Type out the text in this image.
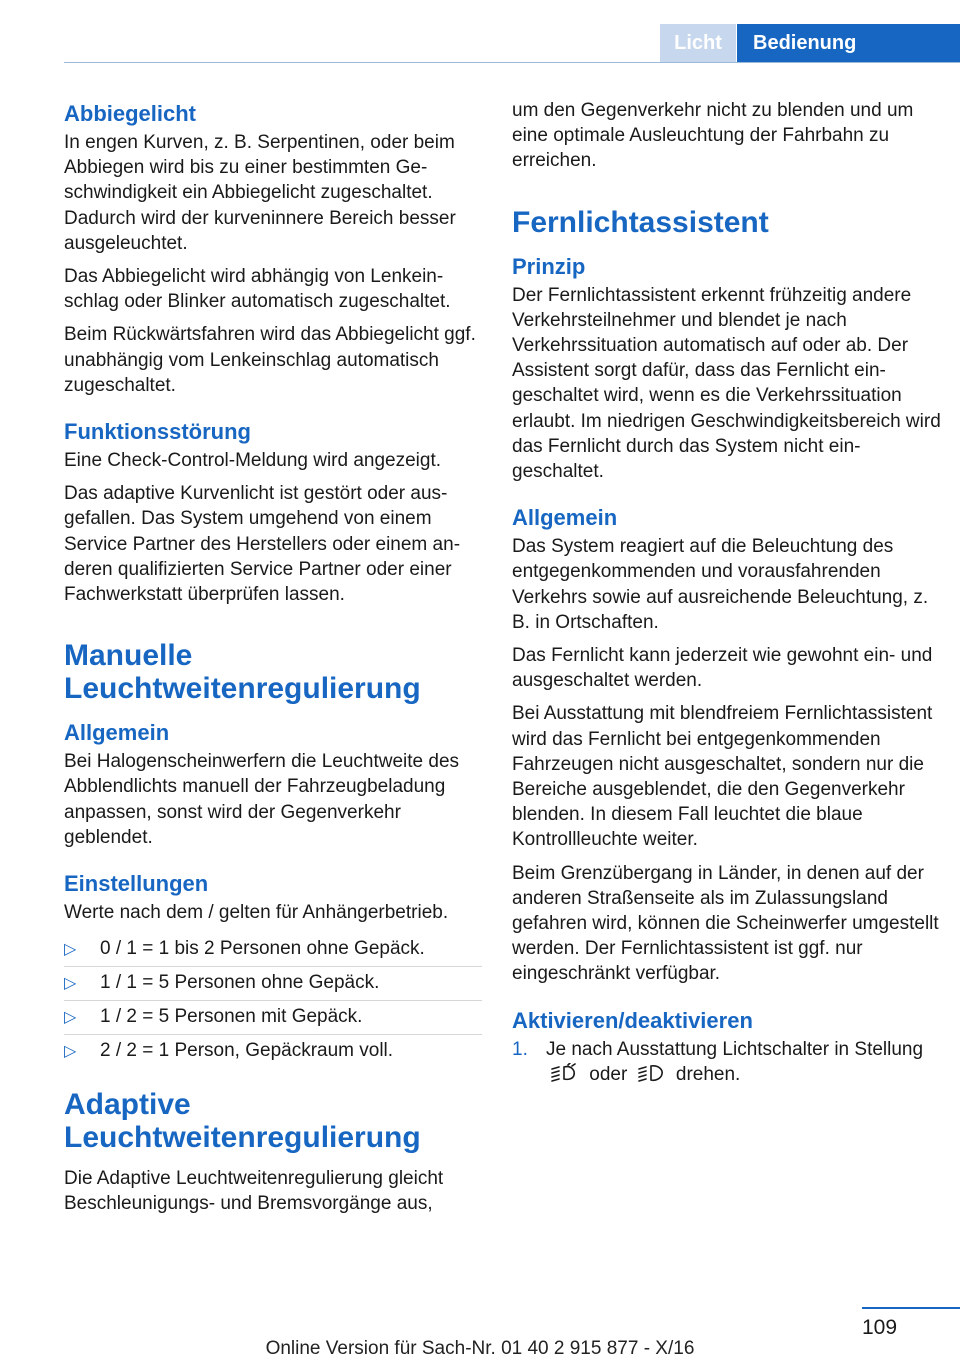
Licht	Bedienung
Abbiegelicht

In engen Kurven, z. B. Serpentinen, oder beim Abbiegen wird bis zu einer bestimmten Geschwindigkeit ein Abbiegelicht zugeschaltet. Dadurch wird der kurveninnere Bereich besser ausgeleuchtet.

Das Abbiegelicht wird abhängig von Lenkeinschlag oder Blinker automatisch zugeschaltet.

Beim Rückwärtsfahren wird das Abbiegelicht ggf. unabhängig vom Lenkeinschlag automatisch zugeschaltet.

Funktionsstörung

Eine Check-Control-Meldung wird angezeigt.

Das adaptive Kurvenlicht ist gestört oder ausgefallen. Das System umgehend von einem Service Partner des Herstellers oder einem anderen qualifizierten Service Partner oder einer Fachwerkstatt überprüfen lassen.

Manuelle Leuchtweitenregulierung
Allgemein

Bei Halogenscheinwerfern die Leuchtweite des Abblendlichts manuell der Fahrzeugbeladung anpassen, sonst wird der Gegenverkehr geblendet.

Einstellungen

Werte nach dem / gelten für Anhängerbetrieb.

▷ 0 / 1 = 1 bis 2 Personen ohne Gepäck.
▷ 1 / 1 = 5 Personen ohne Gepäck.
▷ 1 / 2 = 5 Personen mit Gepäck.
▷ 2 / 2 = 1 Person, Gepäckraum voll.
Adaptive Leuchtweitenregulierung

Die Adaptive Leuchtweitenregulierung gleicht Beschleunigungs- und Bremsvorgänge aus,

um den Gegenverkehr nicht zu blenden und um eine optimale Ausleuchtung der Fahrbahn zu erreichen.

Fernlichtassistent
Prinzip

Der Fernlichtassistent erkennt frühzeitig andere Verkehrsteilnehmer und blendet je nach Verkehrssituation automatisch auf oder ab. Der Assistent sorgt dafür, dass das Fernlicht eingeschaltet wird, wenn es die Verkehrssituation erlaubt. Im niedrigen Geschwindigkeitsbereich wird das Fernlicht durch das System nicht eingeschaltet.

Allgemein

Das System reagiert auf die Beleuchtung des entgegenkommenden und vorausfahrenden Verkehrs sowie auf ausreichende Beleuchtung, z. B. in Ortschaften.

Das Fernlicht kann jederzeit wie gewohnt ein- und ausgeschaltet werden.

Bei Ausstattung mit blendfreiem Fernlichtassistent wird das Fernlicht bei entgegenkommenden Fahrzeugen nicht ausgeschaltet, sondern nur die Bereiche ausgeblendet, die den Gegenverkehr blenden. In diesem Fall leuchtet die blaue Kontrollleuchte weiter.

Beim Grenzübergang in Länder, in denen auf der anderen Straßenseite als im Zulassungsland gefahren wird, können die Scheinwerfer umgestellt werden. Der Fernlichtassistent ist ggf. nur eingeschränkt verfügbar.

Aktivieren/deaktivieren
1. Je nach Ausstattung Lichtschalter in Stellung  oder	drehen.
109
Online Version für Sach-Nr. 01 40 2 915 877 - X/16
